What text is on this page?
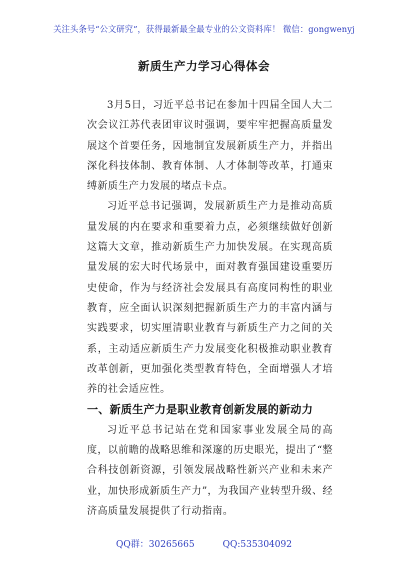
关注头条号“公文研究”，获得最新最全最专业的公文资料库！ 微信：gongwenyj
新质生产力学习心得体会

3月5日，习近平总书记在参加十四届全国人大二次会议江苏代表团审议时强调，要牢牢把握高质量发展这个首要任务，因地制宜发展新质生产力，并指出深化科技体制、教育体制、人才体制等改革，打通束缚新质生产力发展的堵点卡点。

习近平总书记强调，发展新质生产力是推动高质量发展的内在要求和重要着力点，必须继续做好创新这篇大文章，推动新质生产力加快发展。在实现高质量发展的宏大时代场景中，面对教育强国建设重要历史使命，作为与经济社会发展具有高度同构性的职业教育，应全面认识深刻把握新质生产力的丰富内涵与实践要求，切实厘清职业教育与新质生产力之间的关系，主动适应新质生产力发展变化积极推动职业教育改革创新，更加强化类型教育特色，全面增强人才培养的社会适应性。

一、新质生产力是职业教育创新发展的新动力

习近平总书记站在党和国家事业发展全局的高度，以前瞻的战略思维和深邃的历史眼光，提出了“整合科技创新资源，引领发展战略性新兴产业和未来产业，加快形成新质生产力”，为我国产业转型升级、经济高质量发展提供了行动指南。

QQ群：30265665	QQ:535304092
